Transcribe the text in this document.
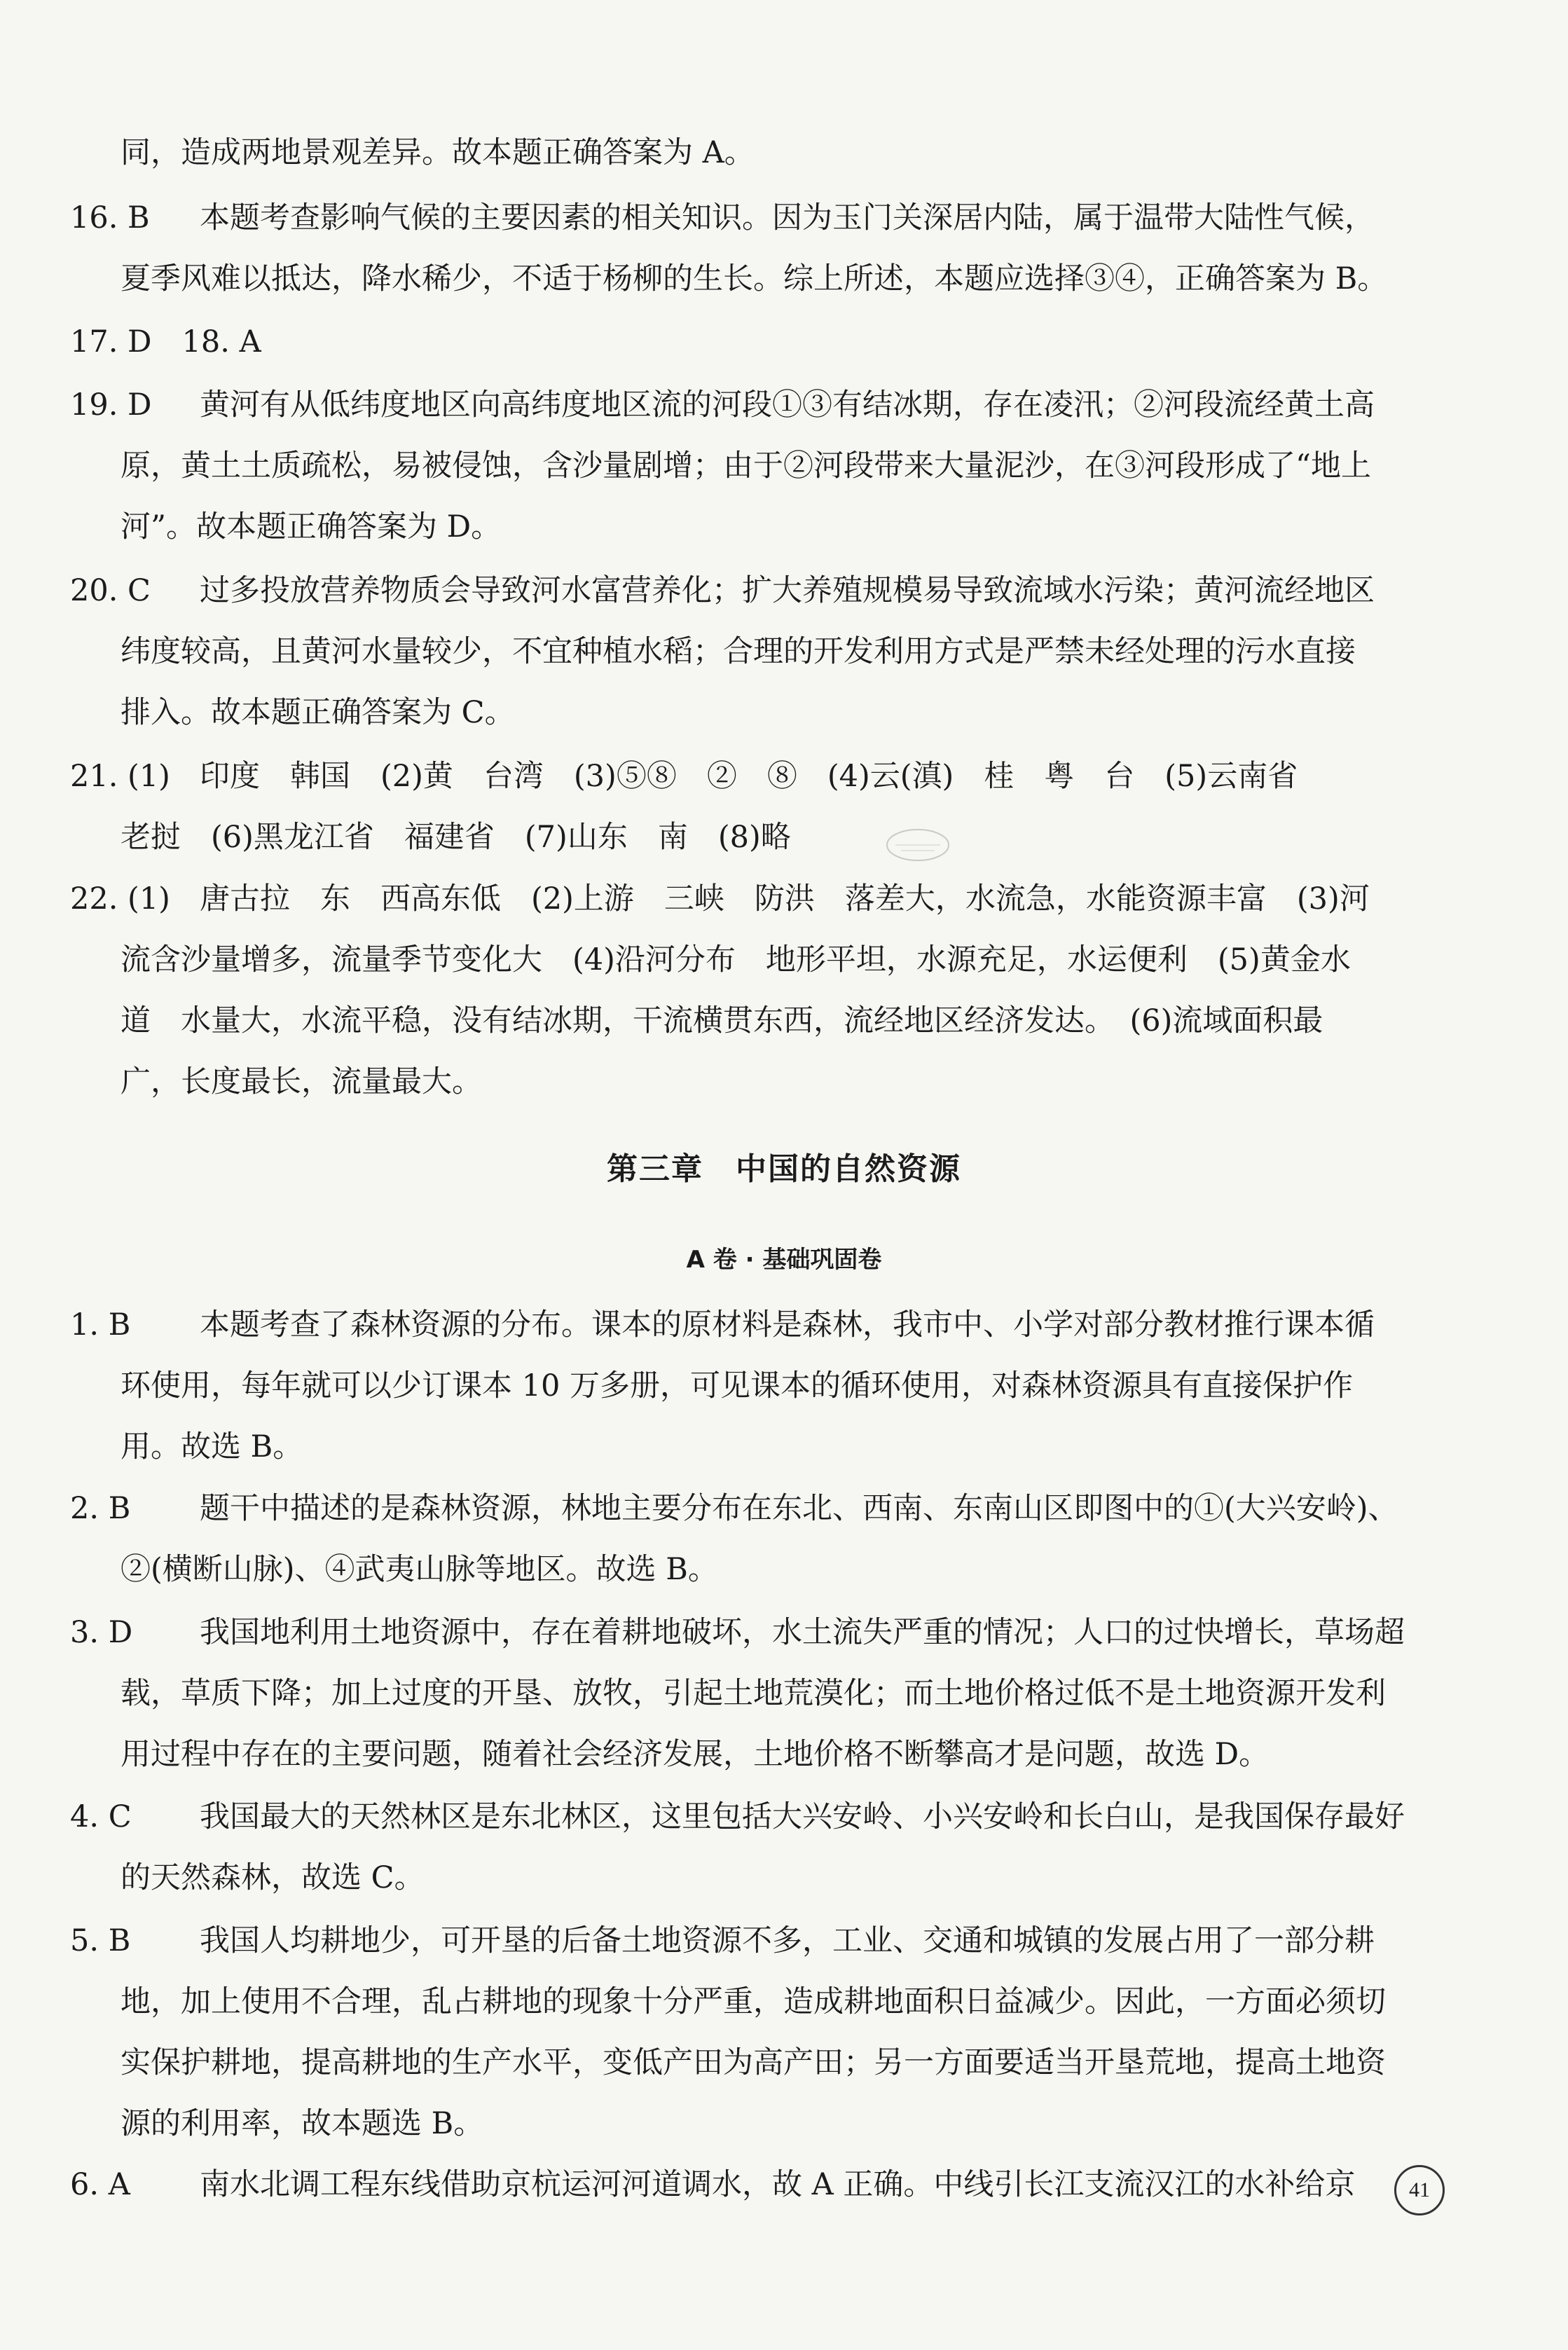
同，造成两地景观差异。故本题正确答案为 A。
16. B	本题考查影响气候的主要因素的相关知识。因为玉门关深居内陆，属于温带大陆性气候，
夏季风难以抵达，降水稀少，不适于杨柳的生长。综上所述，本题应选择③④，正确答案为 B。
17. D　18. A
19. D	黄河有从低纬度地区向高纬度地区流的河段①③有结冰期，存在凌汛；②河段流经黄土高
原，黄土土质疏松，易被侵蚀，含沙量剧增；由于②河段带来大量泥沙，在③河段形成了“地上
河”。故本题正确答案为 D。
20. C	过多投放营养物质会导致河水富营养化；扩大养殖规模易导致流域水污染；黄河流经地区
纬度较高，且黄河水量较少，不宜种植水稻；合理的开发利用方式是严禁未经处理的污水直接
排入。故本题正确答案为 C。
21. (1) 印度　韩国　(2)黄　台湾　(3)⑤⑧　②　⑧　(4)云(滇)　桂　粤　台　(5)云南省
老挝　(6)黑龙江省　福建省　(7)山东　南　(8)略
22. (1) 唐古拉　东　西高东低　(2)上游　三峡　防洪　落差大，水流急，水能资源丰富　(3)河
流含沙量增多，流量季节变化大　(4)沿河分布　地形平坦，水源充足，水运便利　(5)黄金水
道　水量大，水流平稳，没有结冰期，干流横贯东西，流经地区经济发达。　(6)流域面积最
广，长度最长，流量最大。
第三章　中国的自然资源
A 卷 · 基础巩固卷
1. B	本题考查了森林资源的分布。课本的原材料是森林，我市中、小学对部分教材推行课本循
环使用，每年就可以少订课本 10 万多册，可见课本的循环使用，对森林资源具有直接保护作
用。故选 B。
2. B	题干中描述的是森林资源，林地主要分布在东北、西南、东南山区即图中的①(大兴安岭)、
②(横断山脉)、④武夷山脉等地区。故选 B。
3. D	我国地利用土地资源中，存在着耕地破坏，水土流失严重的情况；人口的过快增长，草场超
载，草质下降；加上过度的开垦、放牧，引起土地荒漠化；而土地价格过低不是土地资源开发利
用过程中存在的主要问题，随着社会经济发展，土地价格不断攀高才是问题，故选 D。
4. C	我国最大的天然林区是东北林区，这里包括大兴安岭、小兴安岭和长白山，是我国保存最好
的天然森林，故选 C。
5. B	我国人均耕地少，可开垦的后备土地资源不多，工业、交通和城镇的发展占用了一部分耕
地，加上使用不合理，乱占耕地的现象十分严重，造成耕地面积日益减少。因此，一方面必须切
实保护耕地，提高耕地的生产水平，变低产田为高产田；另一方面要适当开垦荒地，提高土地资
源的利用率，故本题选 B。
6. A	南水北调工程东线借助京杭运河河道调水，故 A 正确。中线引长江支流汉江的水补给京	41
